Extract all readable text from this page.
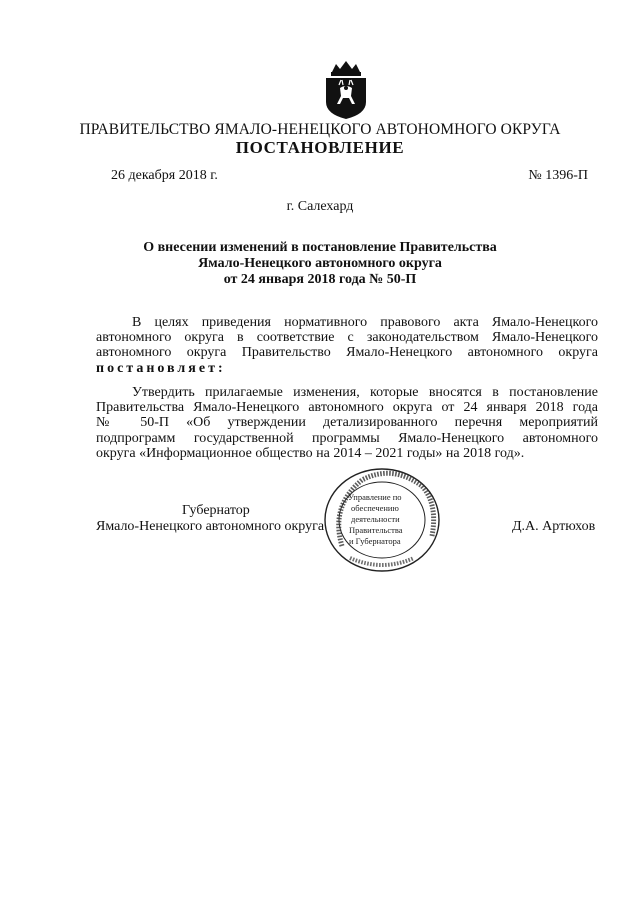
ПРАВИТЕЛЬСТВО ЯМАЛО-НЕНЕЦКОГО АВТОНОМНОГО ОКРУГА
ПОСТАНОВЛЕНИЕ
26 декабря 2018 г.	№ 1396-П
г. Салехард
О внесении изменений в постановление Правительства
Ямало-Ненецкого автономного округа
от 24 января 2018 года № 50-П
В целях приведения нормативного правового акта Ямало-Ненецкого
автономного округа в соответствие с законодательством Ямало-Ненецкого
автономного округа Правительство Ямало-Ненецкого автономного округа
постановляет:
Утвердить прилагаемые изменения, которые вносятся в постановление
Правительства Ямало-Ненецкого автономного округа от 24 января 2018 года
№ 50-П «Об утверждении детализированного перечня мероприятий
подпрограмм государственной программы Ямало-Ненецкого автономного
округа «Информационное общество на 2014 – 2021 годы» на 2018 год».
Губернатор
Ямало-Ненецкого автономного округа	Д.А. Артюхов
Управление по
обеспечению
деятельности
Правительства
и Губернатора
